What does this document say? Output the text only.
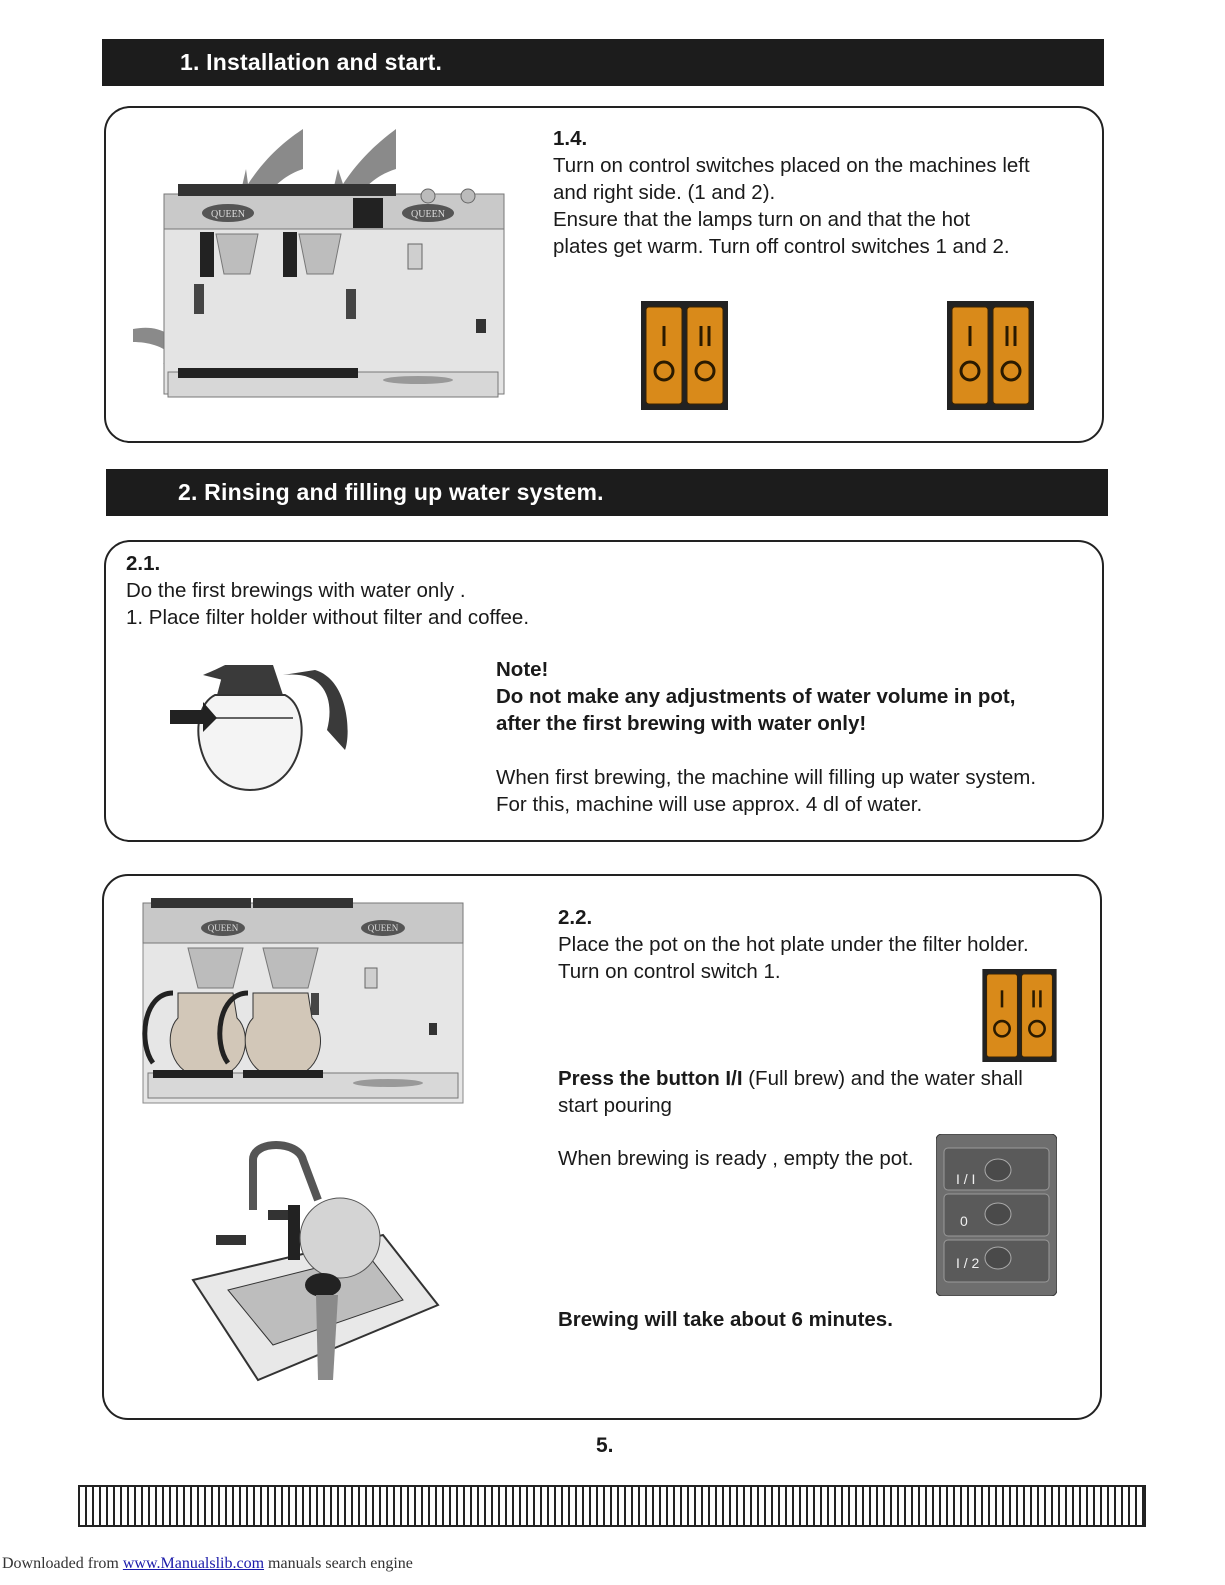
1. Installation and start.
QUEEN	QUEEN

1.4.

Turn on control switches placed on the machines left

and right side. (1 and 2).

Ensure that the lamps turn on and that the hot

plates get warm. Turn off control switches 1 and 2.

2. Rinsing and filling up water system.

2.1.

Do the first brewings with water only .

1. Place filter holder without filter and coffee.

Note!

Do not make any adjustments of water volume in pot,

after the first brewing with water only!

When first brewing, the machine will filling up water system.

For this, machine will use approx. 4 dl of water.

QUEEN	QUEEN	2.2.

Place the pot on the hot plate under the filter holder.

Turn on control switch 1.

Press the button I/I (Full brew) and the water shall

start pouring

When brewing is ready , empty the pot.

I / I
0
I / 2

Brewing will take about 6 minutes.

5.
Downloaded from www.Manualslib.com manuals search engine
